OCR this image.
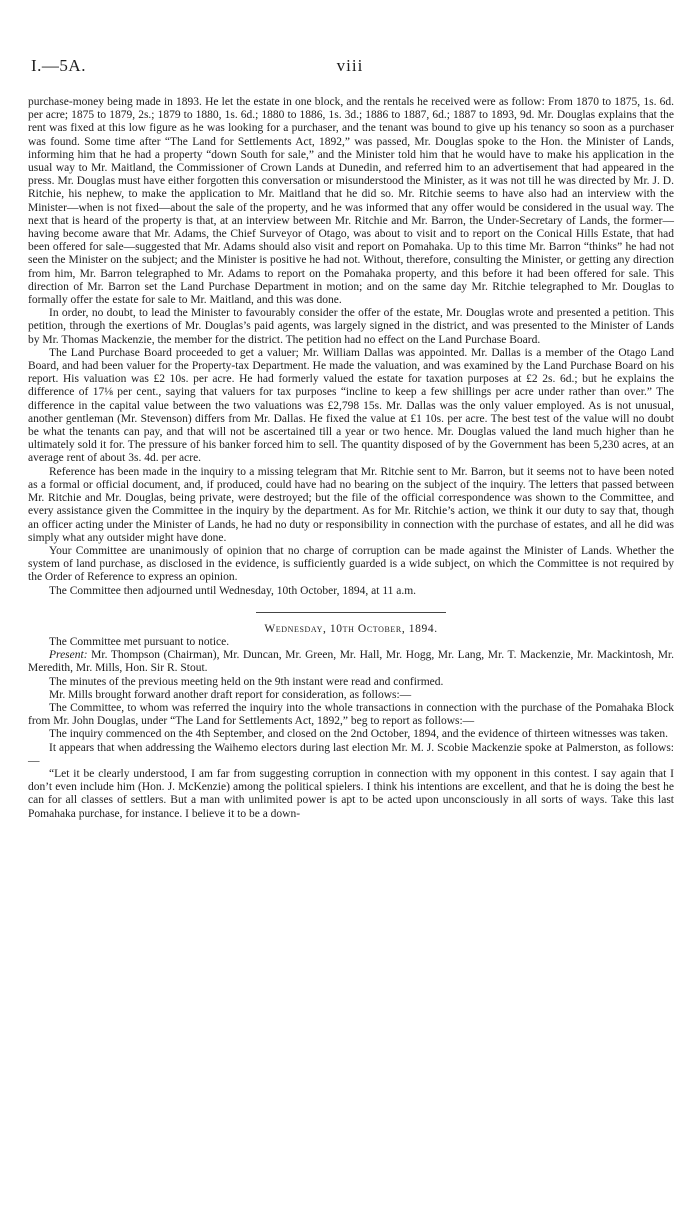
I.—5A.	viii

purchase-money being made in 1893. He let the estate in one block, and the rentals he received were as follow: From 1870 to 1875, 1s. 6d. per acre; 1875 to 1879, 2s.; 1879 to 1880, 1s. 6d.; 1880 to 1886, 1s. 3d.; 1886 to 1887, 6d.; 1887 to 1893, 9d. Mr. Douglas explains that the rent was fixed at this low figure as he was looking for a purchaser, and the tenant was bound to give up his tenancy so soon as a purchaser was found. Some time after “The Land for Settlements Act, 1892,” was passed, Mr. Douglas spoke to the Hon. the Minister of Lands, informing him that he had a property “down South for sale,” and the Minister told him that he would have to make his application in the usual way to Mr. Maitland, the Commissioner of Crown Lands at Dunedin, and referred him to an advertisement that had appeared in the press. Mr. Douglas must have either forgotten this conversation or misunderstood the Minister, as it was not till he was directed by Mr. J. D. Ritchie, his nephew, to make the application to Mr. Maitland that he did so. Mr. Ritchie seems to have also had an interview with the Minister—when is not fixed—about the sale of the property, and he was informed that any offer would be considered in the usual way. The next that is heard of the property is that, at an interview between Mr. Ritchie and Mr. Barron, the Under-Secretary of Lands, the former—having become aware that Mr. Adams, the Chief Surveyor of Otago, was about to visit and to report on the Conical Hills Estate, that had been offered for sale—suggested that Mr. Adams should also visit and report on Pomahaka. Up to this time Mr. Barron “thinks” he had not seen the Minister on the subject; and the Minister is positive he had not. Without, therefore, consulting the Minister, or getting any direction from him, Mr. Barron telegraphed to Mr. Adams to report on the Pomahaka property, and this before it had been offered for sale. This direction of Mr. Barron set the Land Purchase Department in motion; and on the same day Mr. Ritchie telegraphed to Mr. Douglas to formally offer the estate for sale to Mr. Maitland, and this was done.

In order, no doubt, to lead the Minister to favourably consider the offer of the estate, Mr. Douglas wrote and presented a petition. This petition, through the exertions of Mr. Douglas’s paid agents, was largely signed in the district, and was presented to the Minister of Lands by Mr. Thomas Mackenzie, the member for the district. The petition had no effect on the Land Purchase Board.

The Land Purchase Board proceeded to get a valuer; Mr. William Dallas was appointed. Mr. Dallas is a member of the Otago Land Board, and had been valuer for the Property-tax Department. He made the valuation, and was examined by the Land Purchase Board on his report. His valuation was £2 10s. per acre. He had formerly valued the estate for taxation purposes at £2 2s. 6d.; but he explains the difference of 17⅛ per cent., saying that valuers for tax purposes “incline to keep a few shillings per acre under rather than over.” The difference in the capital value between the two valuations was £2,798 15s. Mr. Dallas was the only valuer employed. As is not unusual, another gentleman (Mr. Stevenson) differs from Mr. Dallas. He fixed the value at £1 10s. per acre. The best test of the value will no doubt be what the tenants can pay, and that will not be ascertained till a year or two hence. Mr. Douglas valued the land much higher than he ultimately sold it for. The pressure of his banker forced him to sell. The quantity disposed of by the Government has been 5,230 acres, at an average rent of about 3s. 4d. per acre.

Reference has been made in the inquiry to a missing telegram that Mr. Ritchie sent to Mr. Barron, but it seems not to have been noted as a formal or official document, and, if produced, could have had no bearing on the subject of the inquiry. The letters that passed between Mr. Ritchie and Mr. Douglas, being private, were destroyed; but the file of the official correspondence was shown to the Committee, and every assistance given the Committee in the inquiry by the department. As for Mr. Ritchie’s action, we think it our duty to say that, though an officer acting under the Minister of Lands, he had no duty or responsibility in connection with the purchase of estates, and all he did was simply what any outsider might have done.

Your Committee are unanimously of opinion that no charge of corruption can be made against the Minister of Lands. Whether the system of land purchase, as disclosed in the evidence, is sufficiently guarded is a wide subject, on which the Committee is not required by the Order of Reference to express an opinion.

The Committee then adjourned until Wednesday, 10th October, 1894, at 11 a.m.

Wednesday, 10th October, 1894.

The Committee met pursuant to notice.

Present: Mr. Thompson (Chairman), Mr. Duncan, Mr. Green, Mr. Hall, Mr. Hogg, Mr. Lang, Mr. T. Mackenzie, Mr. Mackintosh, Mr. Meredith, Mr. Mills, Hon. Sir R. Stout.

The minutes of the previous meeting held on the 9th instant were read and confirmed.

Mr. Mills brought forward another draft report for consideration, as follows:—

The Committee, to whom was referred the inquiry into the whole transactions in connection with the purchase of the Pomahaka Block from Mr. John Douglas, under “The Land for Settlements Act, 1892,” beg to report as follows:—

The inquiry commenced on the 4th September, and closed on the 2nd October, 1894, and the evidence of thirteen witnesses was taken.

It appears that when addressing the Waihemo electors during last election Mr. M. J. Scobie Mackenzie spoke at Palmerston, as follows:—

“Let it be clearly understood, I am far from suggesting corruption in connection with my opponent in this contest. I say again that I don’t even include him (Hon. J. McKenzie) among the political spielers. I think his intentions are excellent, and that he is doing the best he can for all classes of settlers. But a man with unlimited power is apt to be acted upon unconsciously in all sorts of ways. Take this last Pomahaka purchase, for instance. I believe it to be a down-
